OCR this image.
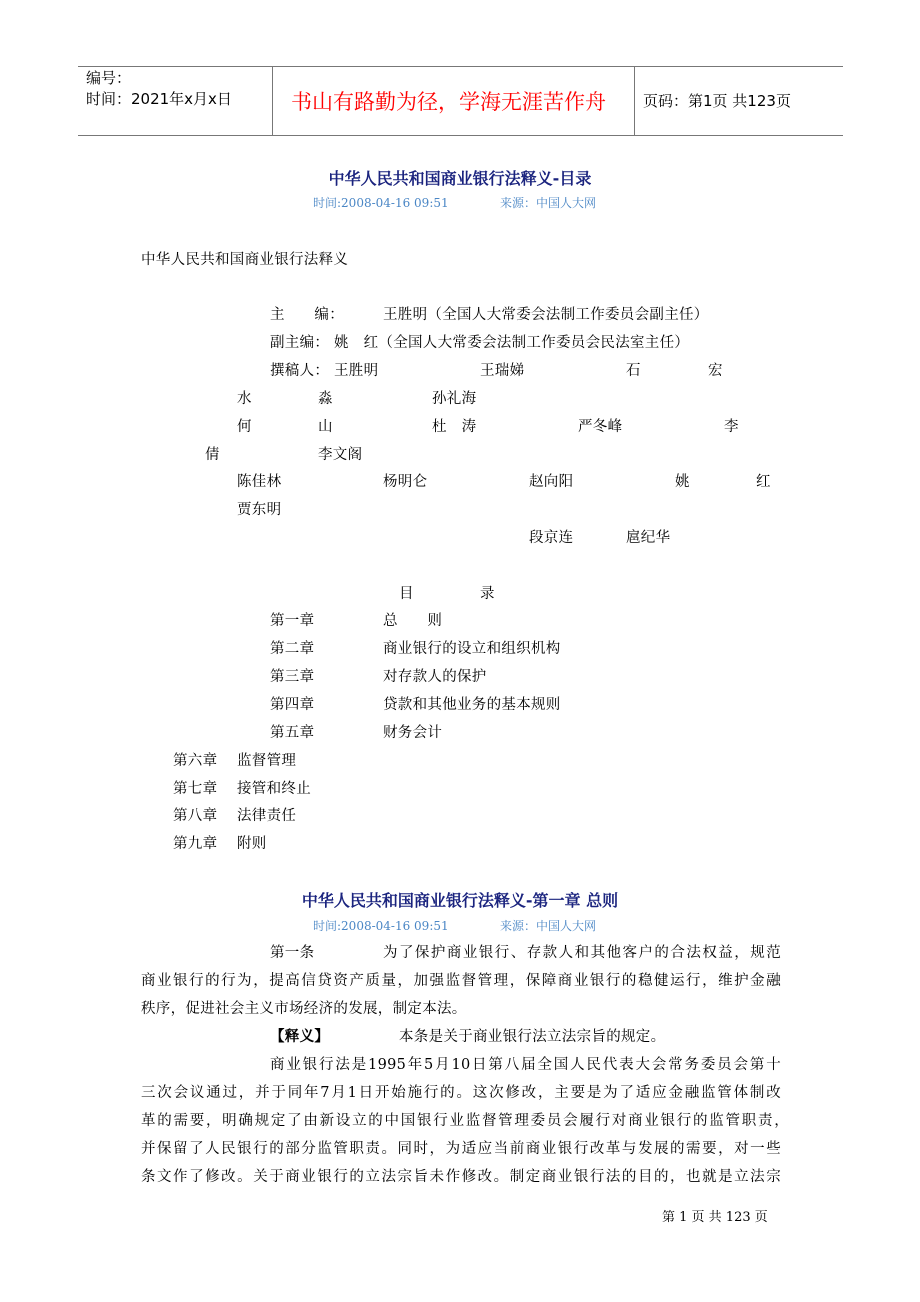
编号：
时间：2021年x月x日	书山有路勤为径，学海无涯苦作舟 页码：第1页 共123页
中华人民共和国商业银行法释义-目录
时间:2008-04-16 09:51	来源：中国人大网
中华人民共和国商业银行法释义
主　　编：	王胜明（全国人大常委会法制工作委员会副主任）
副主编： 姚　红（全国人大常委会法制工作委员会民法室主任）
撰稿人： 王胜明	王瑞娣	石	宏
水	淼	孙礼海
何	山	杜　涛	严冬峰	李
倩	李文阁
陈佳林	杨明仑	赵向阳	姚	红
贾东明
段京连	扈纪华
目	录
第一章	总　　则
第二章	商业银行的设立和组织机构
第三章	对存款人的保护
第四章	贷款和其他业务的基本规则
第五章	财务会计
第六章 监督管理
第七章 接管和终止
第八章 法律责任
第九章 附则
中华人民共和国商业银行法释义-第一章 总则
时间:2008-04-16 09:51	来源：中国人大网
第一条	为了保护商业银行、存款人和其他客户的合法权益，规范
商业银行的行为，提高信贷资产质量，加强监督管理，保障商业银行的稳健运行，维护金融
秩序，促进社会主义市场经济的发展，制定本法。
【释义】	本条是关于商业银行法立法宗旨的规定。
商业银行法是1995年5月10日第八届全国人民代表大会常务委员会第十
三次会议通过，并于同年7月1日开始施行的。这次修改，主要是为了适应金融监管体制改
革的需要，明确规定了由新设立的中国银行业监督管理委员会履行对商业银行的监管职责，
并保留了人民银行的部分监管职责。同时，为适应当前商业银行改革与发展的需要，对一些
条文作了修改。关于商业银行的立法宗旨未作修改。制定商业银行法的目的，也就是立法宗
第 1 页 共 123 页
